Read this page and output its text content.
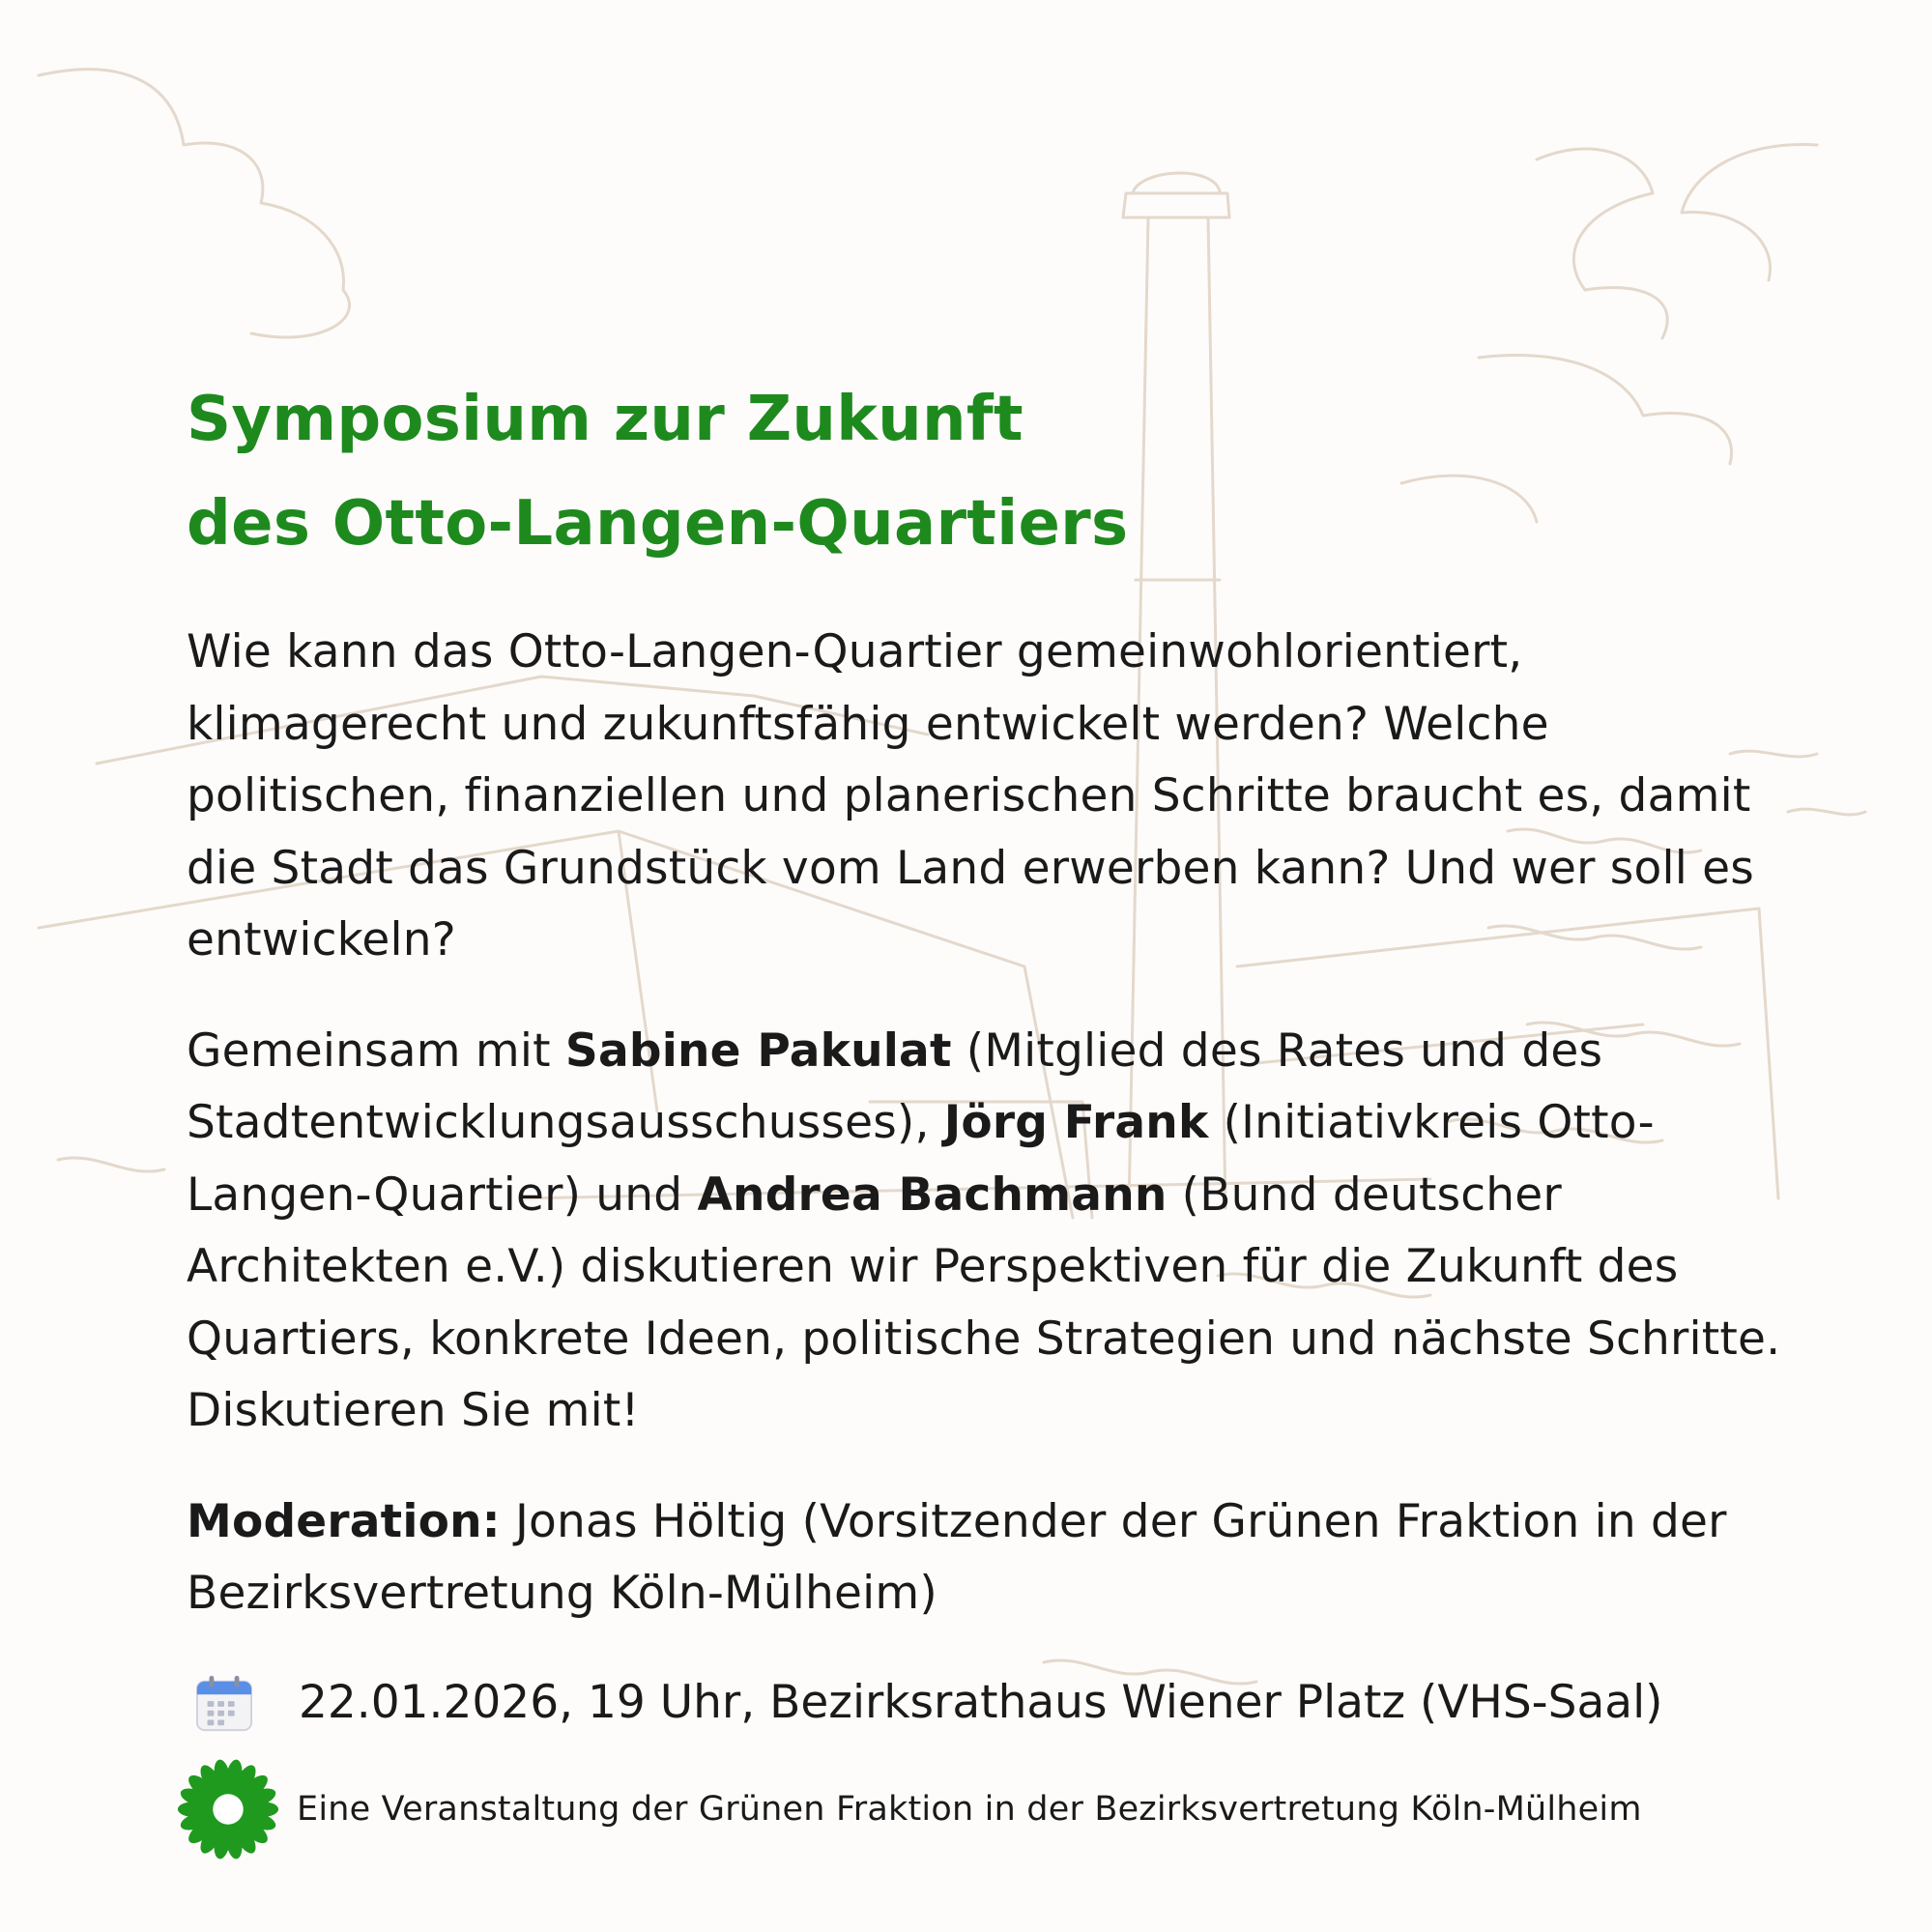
Symposium zur Zukunft
des Otto-Langen-Quartiers

Wie kann das Otto-Langen-Quartier gemeinwohlorientiert, klimagerecht und zukunftsfähig entwickelt werden? Welche politischen, finanziellen und planerischen Schritte braucht es, damit die Stadt das Grundstück vom Land erwerben kann? Und wer soll es entwickeln?

Gemeinsam mit Sabine Pakulat (Mitglied des Rates und des Stadtentwicklungsausschusses), Jörg Frank (Initiativkreis Otto-Langen-Quartier) und Andrea Bachmann (Bund deutscher Architekten e.V.) diskutieren wir Perspektiven für die Zukunft des Quartiers, konkrete Ideen, politische Strategien und nächste Schritte. Diskutieren Sie mit!

Moderation: Jonas Höltig (Vorsitzender der Grünen Fraktion in der Bezirksvertretung Köln-Mülheim)

22.01.2026, 19 Uhr, Bezirksrathaus Wiener Platz (VHS-Saal)
Eine Veranstaltung der Grünen Fraktion in der Bezirksvertretung Köln-Mülheim
